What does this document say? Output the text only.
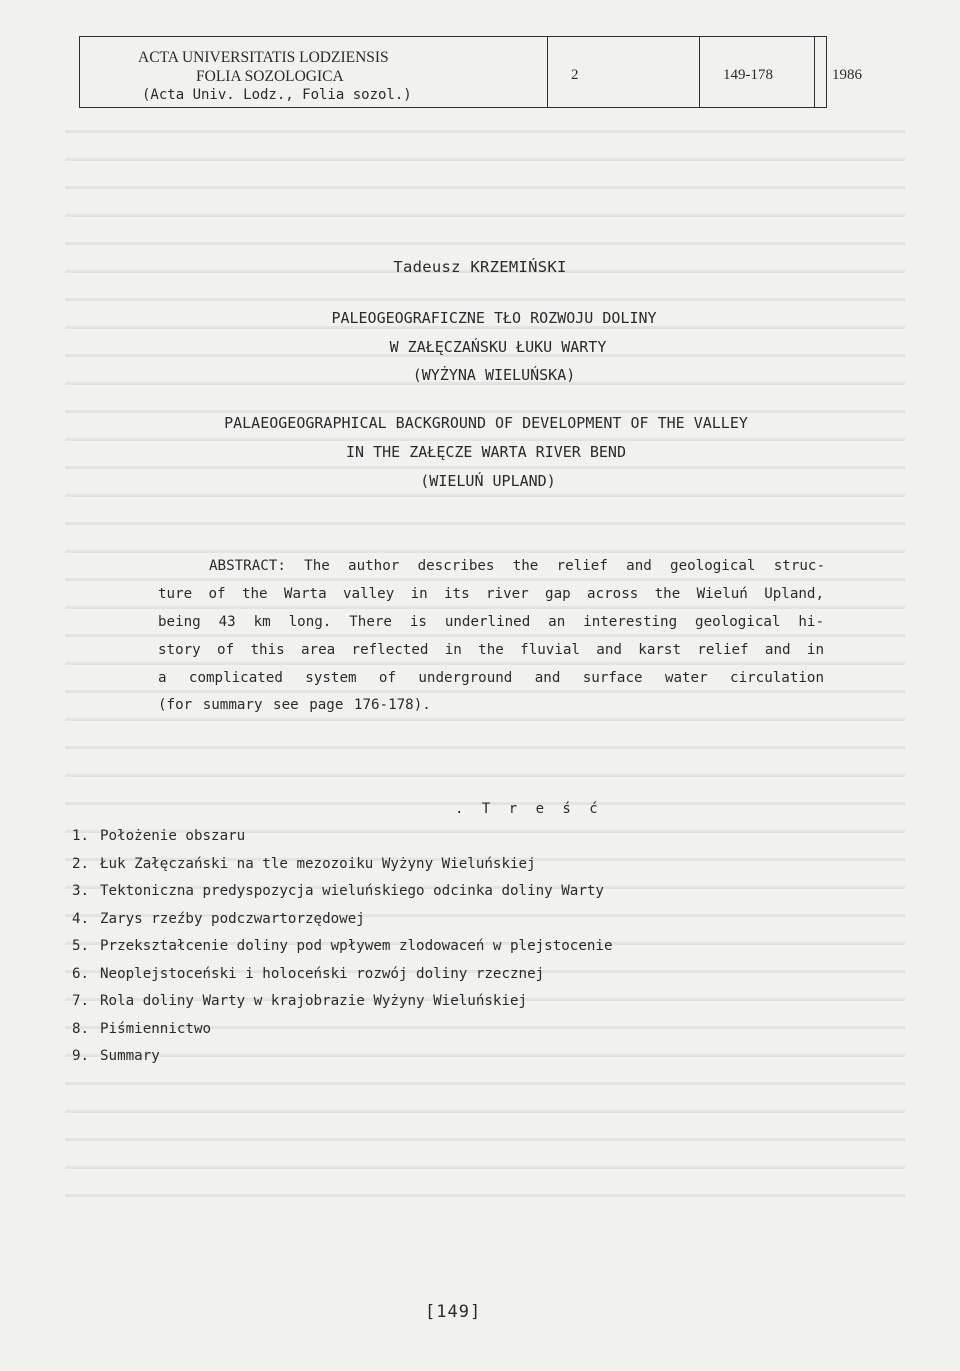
ACTA UNIVERSITATIS LODZIENSIS
FOLIA SOZOLOGICA
(Acta Univ. Lodz., Folia sozol.)
2	149-178	1986
Tadeusz KRZEMIŃSKI
PALEOGEOGRAFICZNE TŁO ROZWOJU DOLINY
W ZAŁĘCZAŃSKU ŁUKU WARTY
(WYŻYNA WIELUŃSKA)
PALAEOGEOGRAPHICAL BACKGROUND OF DEVELOPMENT OF THE VALLEY
IN THE ZAŁĘCZE WARTA RIVER BEND
(WIELUŃ UPLAND)
ABSTRACT: The author describes the relief and geological struc-
ture of the Warta valley in its river gap across the Wieluń Upland,
being 43 km long. There is underlined an interesting geological hi-
story of this area reflected in the fluvial and karst relief and in
a complicated system of underground and surface water circulation
(for summary see page 176-178).
. T r e ś ć
1. Położenie obszaru
2. Łuk Załęczański na tle mezozoiku Wyżyny Wieluńskiej
3. Tektoniczna predyspozycja wieluńskiego odcinka doliny Warty
4. Zarys rzeźby podczwartorzędowej
5. Przekształcenie doliny pod wpływem zlodowaceń w plejstocenie
6. Neoplejstoceński i holoceński rozwój doliny rzecznej
7. Rola doliny Warty w krajobrazie Wyżyny Wieluńskiej
8. Piśmiennictwo
9. Summary
[149]
